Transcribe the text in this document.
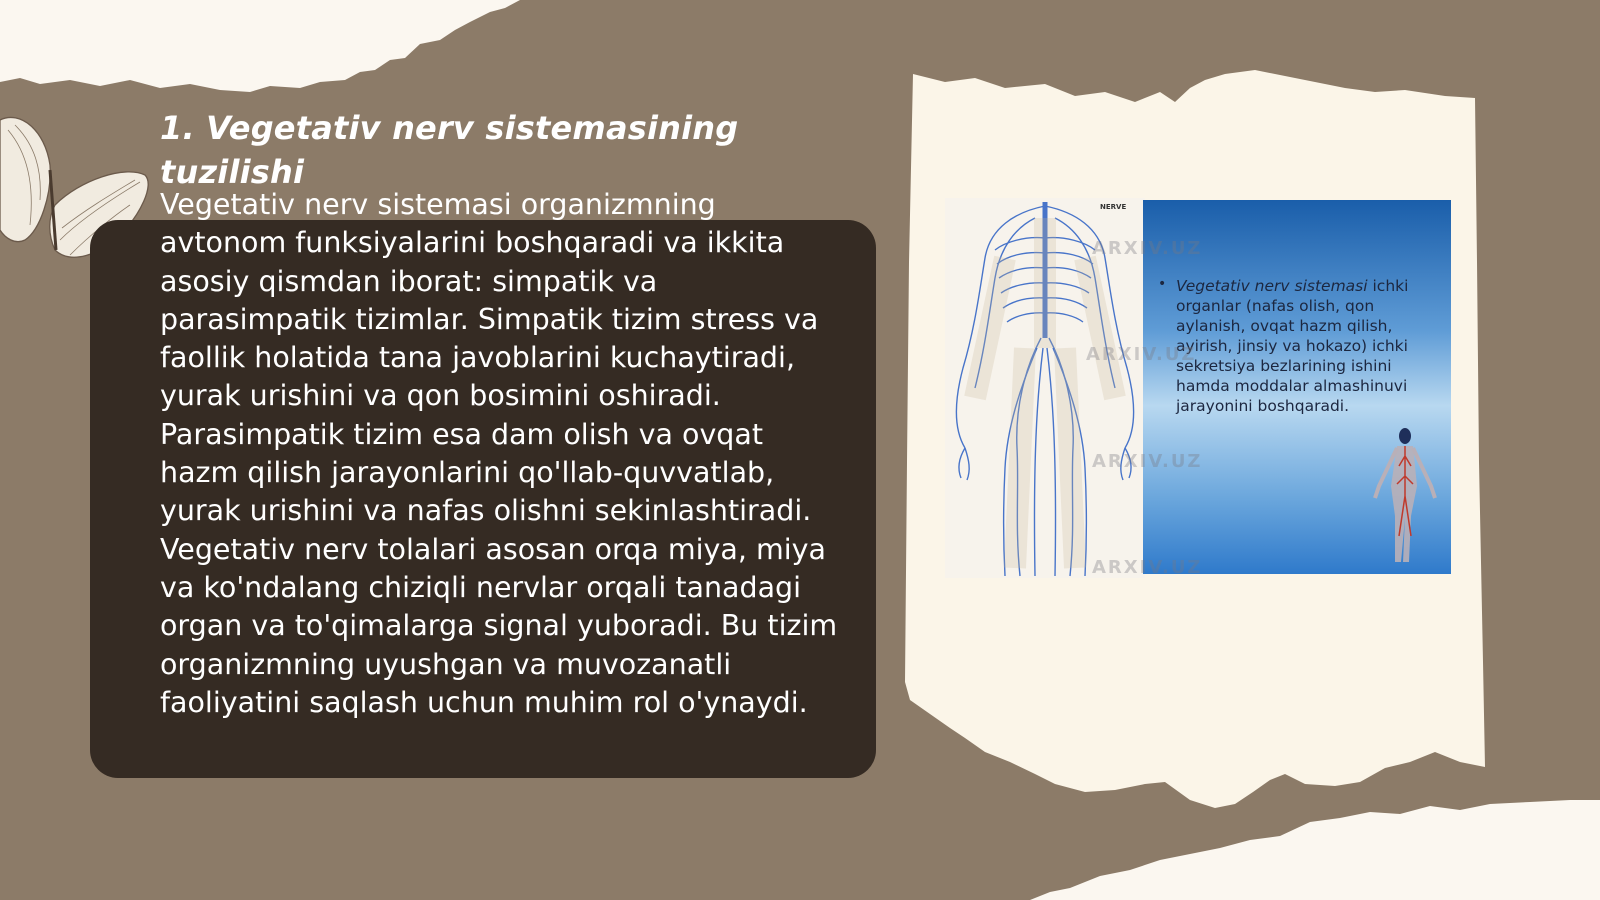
1. Vegetativ nerv sistemasining tuzilishi

Vegetativ nerv sistemasi organizmning avtonom funksiyalarini boshqaradi va ikkita asosiy qismdan iborat: simpatik va parasimpatik tizimlar. Simpatik tizim stress va faollik holatida tana javoblarini kuchaytiradi, yurak urishini va qon bosimini oshiradi. Parasimpatik tizim esa dam olish va ovqat hazm qilish jarayonlarini qo'llab-quvvatlab, yurak urishini va nafas olishni sekinlashtiradi. Vegetativ nerv tolalari asosan orqa miya, miya va ko'ndalang chiziqli nervlar orqali tanadagi organ va to'qimalarga signal yuboradi. Bu tizim organizmning uyushgan va muvozanatli faoliyatini saqlash uchun muhim rol o'ynaydi.

NERVE
• Vegetativ nerv sistemasi ichki organlar (nafas olish, qon aylanish, ovqat hazm qilish, ayirish, jinsiy va hokazo) ichki sekretsiya bezlarining ishini hamda moddalar almashinuvi jarayonini boshqaradi.

ARXIV.UZ
ARXIV.UZ
ARXIV.UZ
ARXIV.UZ
